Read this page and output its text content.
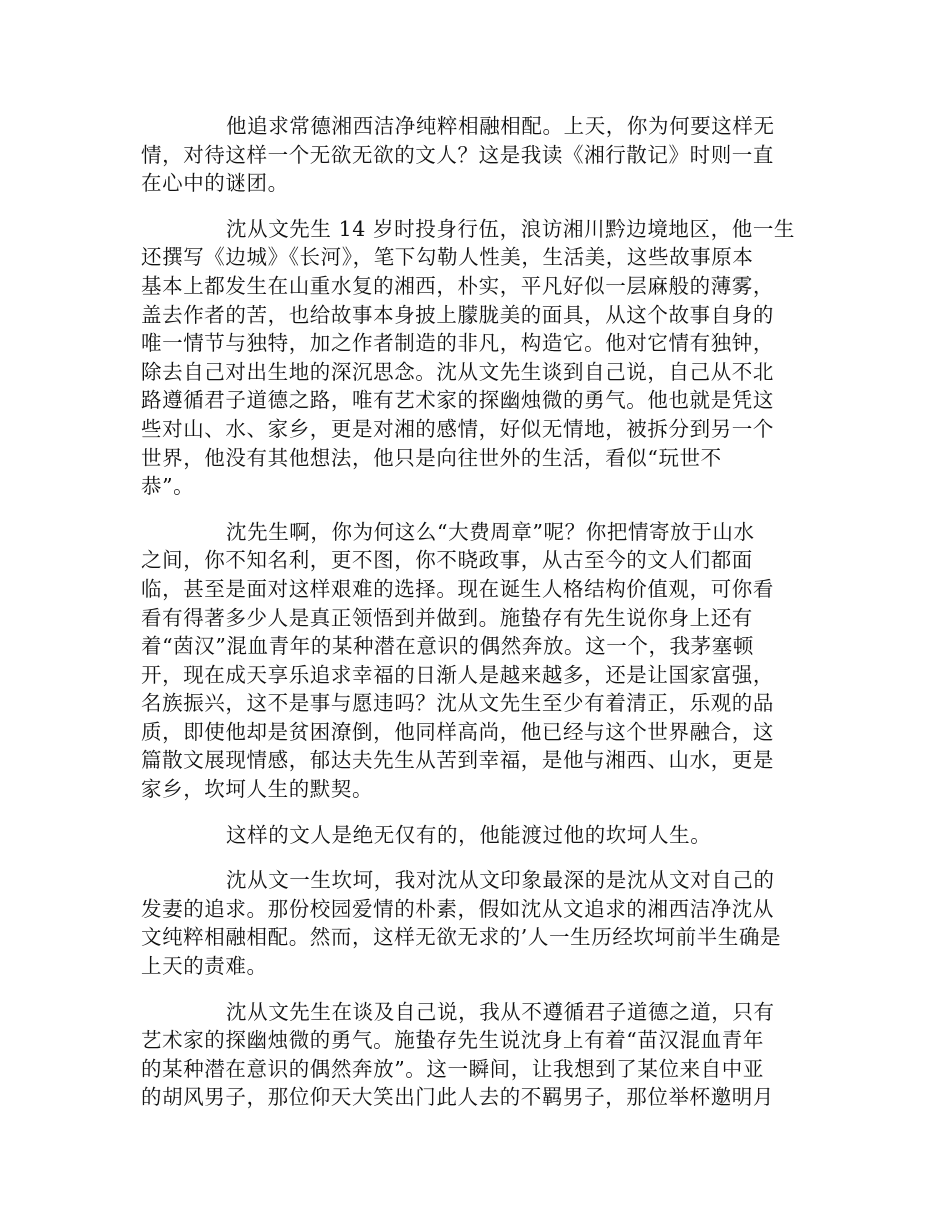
他追求常德湘西洁净纯粹相融相配。上天，你为何要这样无
情，对待这样一个无欲无欲的文人？这是我读《湘行散记》时则一直
在心中的谜团。

沈从文先生 14 岁时投身行伍，浪访湘川黔边境地区，他一生
还撰写《边城》《长河》，笔下勾勒人性美，生活美，这些故事原本
基本上都发生在山重水复的湘西，朴实，平凡好似一层麻般的薄雾，
盖去作者的苦，也给故事本身披上朦胧美的面具，从这个故事自身的
唯一情节与独特，加之作者制造的非凡，构造它。他对它情有独钟，
除去自己对出生地的深沉思念。沈从文先生谈到自己说，自己从不北
路遵循君子道德之路，唯有艺术家的探幽烛微的勇气。他也就是凭这
些对山、水、家乡，更是对湘的感情，好似无情地，被拆分到另一个
世界，他没有其他想法，他只是向往世外的生活，看似“玩世不
恭”。

沈先生啊，你为何这么“大费周章”呢？你把情寄放于山水
之间，你不知名利，更不图，你不晓政事，从古至今的文人们都面
临，甚至是面对这样艰难的选择。现在诞生人格结构价值观，可你看
看有得著多少人是真正领悟到并做到。施蛰存有先生说你身上还有
着“茵汉”混血青年的某种潜在意识的偶然奔放。这一个，我茅塞顿
开，现在成天享乐追求幸福的日渐人是越来越多，还是让国家富强，
名族振兴，这不是事与愿违吗？沈从文先生至少有着清正，乐观的品
质，即使他却是贫困潦倒，他同样高尚，他已经与这个世界融合，这
篇散文展现情感，郁达夫先生从苦到幸福，是他与湘西、山水，更是
家乡，坎坷人生的默契。

这样的文人是绝无仅有的，他能渡过他的坎坷人生。

沈从文一生坎坷，我对沈从文印象最深的是沈从文对自己的
发妻的追求。那份校园爱情的朴素，假如沈从文追求的湘西洁净沈从
文纯粹相融相配。然而，这样无欲无求的’人一生历经坎坷前半生确是
上天的责难。

沈从文先生在谈及自己说，我从不遵循君子道德之道，只有
艺术家的探幽烛微的勇气。施蛰存先生说沈身上有着“苗汉混血青年
的某种潜在意识的偶然奔放”。这一瞬间，让我想到了某位来自中亚
的胡风男子，那位仰天大笑出门此人去的不羁男子，那位举杯邀明月
